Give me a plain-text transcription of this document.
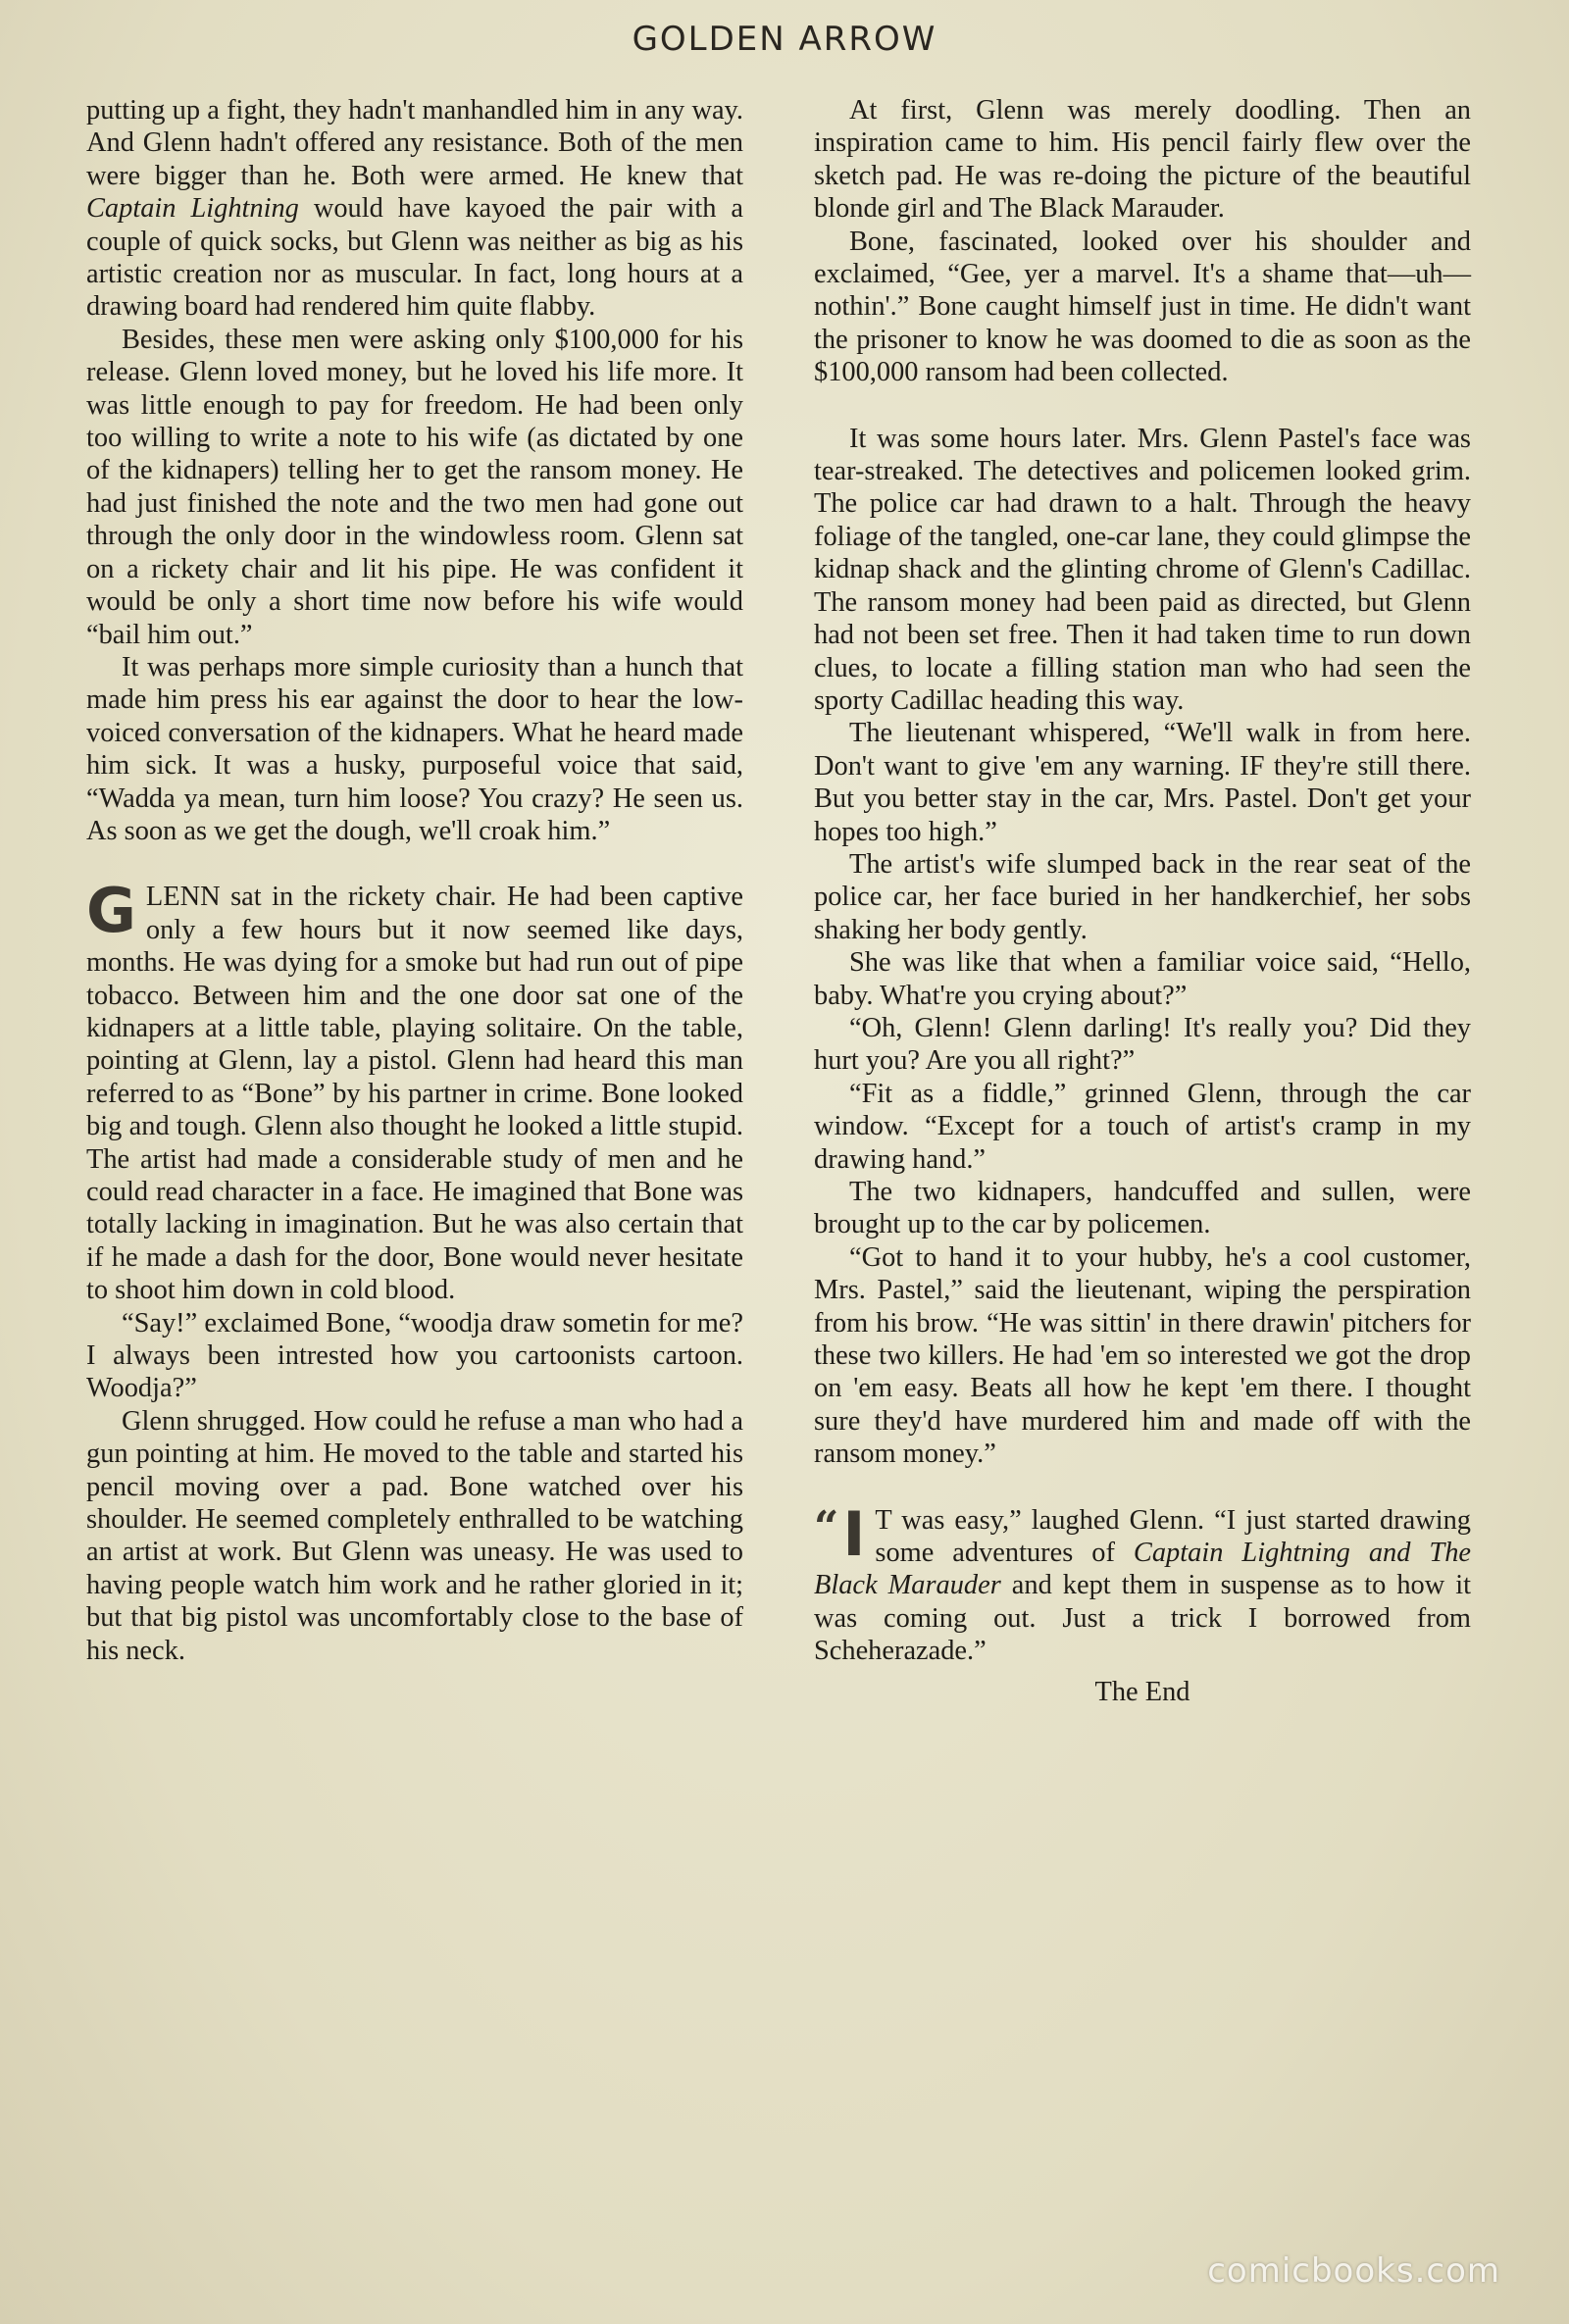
GOLDEN ARROW

putting up a fight, they hadn't manhandled him in any way. And Glenn hadn't offered any resistance. Both of the men were bigger than he. Both were armed. He knew that Captain Lightning would have kayoed the pair with a couple of quick socks, but Glenn was neither as big as his artistic creation nor as muscular. In fact, long hours at a drawing board had rendered him quite flabby.

Besides, these men were asking only $100,000 for his release. Glenn loved money, but he loved his life more. It was little enough to pay for freedom. He had been only too willing to write a note to his wife (as dictated by one of the kidnapers) telling her to get the ransom money. He had just finished the note and the two men had gone out through the only door in the windowless room. Glenn sat on a rickety chair and lit his pipe. He was confident it would be only a short time now before his wife would “bail him out.”

It was perhaps more simple curiosity than a hunch that made him press his ear against the door to hear the low-voiced conversation of the kidnapers. What he heard made him sick. It was a husky, purposeful voice that said, “Wadda ya mean, turn him loose? You crazy? He seen us. As soon as we get the dough, we'll croak him.”

GLENN sat in the rickety chair. He had been captive only a few hours but it now seemed like days, months. He was dying for a smoke but had run out of pipe tobacco. Between him and the one door sat one of the kidnapers at a little table, playing solitaire. On the table, pointing at Glenn, lay a pistol. Glenn had heard this man referred to as “Bone” by his partner in crime. Bone looked big and tough. Glenn also thought he looked a little stupid. The artist had made a considerable study of men and he could read character in a face. He imagined that Bone was totally lacking in imagination. But he was also certain that if he made a dash for the door, Bone would never hesitate to shoot him down in cold blood.

“Say!” exclaimed Bone, “woodja draw sometin for me? I always been intrested how you cartoonists cartoon. Woodja?”

Glenn shrugged. How could he refuse a man who had a gun pointing at him. He moved to the table and started his pencil moving over a pad. Bone watched over his shoulder. He seemed completely enthralled to be watching an artist at work. But Glenn was uneasy. He was used to having people watch him work and he rather gloried in it; but that big pistol was uncomfortably close to the base of his neck.

At first, Glenn was merely doodling. Then an inspiration came to him. His pencil fairly flew over the sketch pad. He was re-doing the picture of the beautiful blonde girl and The Black Marauder.

Bone, fascinated, looked over his shoulder and exclaimed, “Gee, yer a marvel. It's a shame that—uh—nothin'.” Bone caught himself just in time. He didn't want the prisoner to know he was doomed to die as soon as the $100,000 ransom had been collected.

It was some hours later. Mrs. Glenn Pastel's face was tear-streaked. The detectives and policemen looked grim. The police car had drawn to a halt. Through the heavy foliage of the tangled, one-car lane, they could glimpse the kidnap shack and the glinting chrome of Glenn's Cadillac. The ransom money had been paid as directed, but Glenn had not been set free. Then it had taken time to run down clues, to locate a filling station man who had seen the sporty Cadillac heading this way.

The lieutenant whispered, “We'll walk in from here. Don't want to give 'em any warning. IF they're still there. But you better stay in the car, Mrs. Pastel. Don't get your hopes too high.”

The artist's wife slumped back in the rear seat of the police car, her face buried in her handkerchief, her sobs shaking her body gently.

She was like that when a familiar voice said, “Hello, baby. What're you crying about?”

“Oh, Glenn! Glenn darling! It's really you? Did they hurt you? Are you all right?”

“Fit as a fiddle,” grinned Glenn, through the car window. “Except for a touch of artist's cramp in my drawing hand.”

The two kidnapers, handcuffed and sullen, were brought up to the car by policemen.

“Got to hand it to your hubby, he's a cool customer, Mrs. Pastel,” said the lieutenant, wiping the perspiration from his brow. “He was sittin' in there drawin' pitchers for these two killers. He had 'em so interested we got the drop on 'em easy. Beats all how he kept 'em there. I thought sure they'd have murdered him and made off with the ransom money.”

“ I T was easy,” laughed Glenn. “I just started drawing some adventures of Captain Lightning and The Black Marauder and kept them in suspense as to how it was coming out. Just a trick I borrowed from Scheherazade.”

The End
comicbooks.com
